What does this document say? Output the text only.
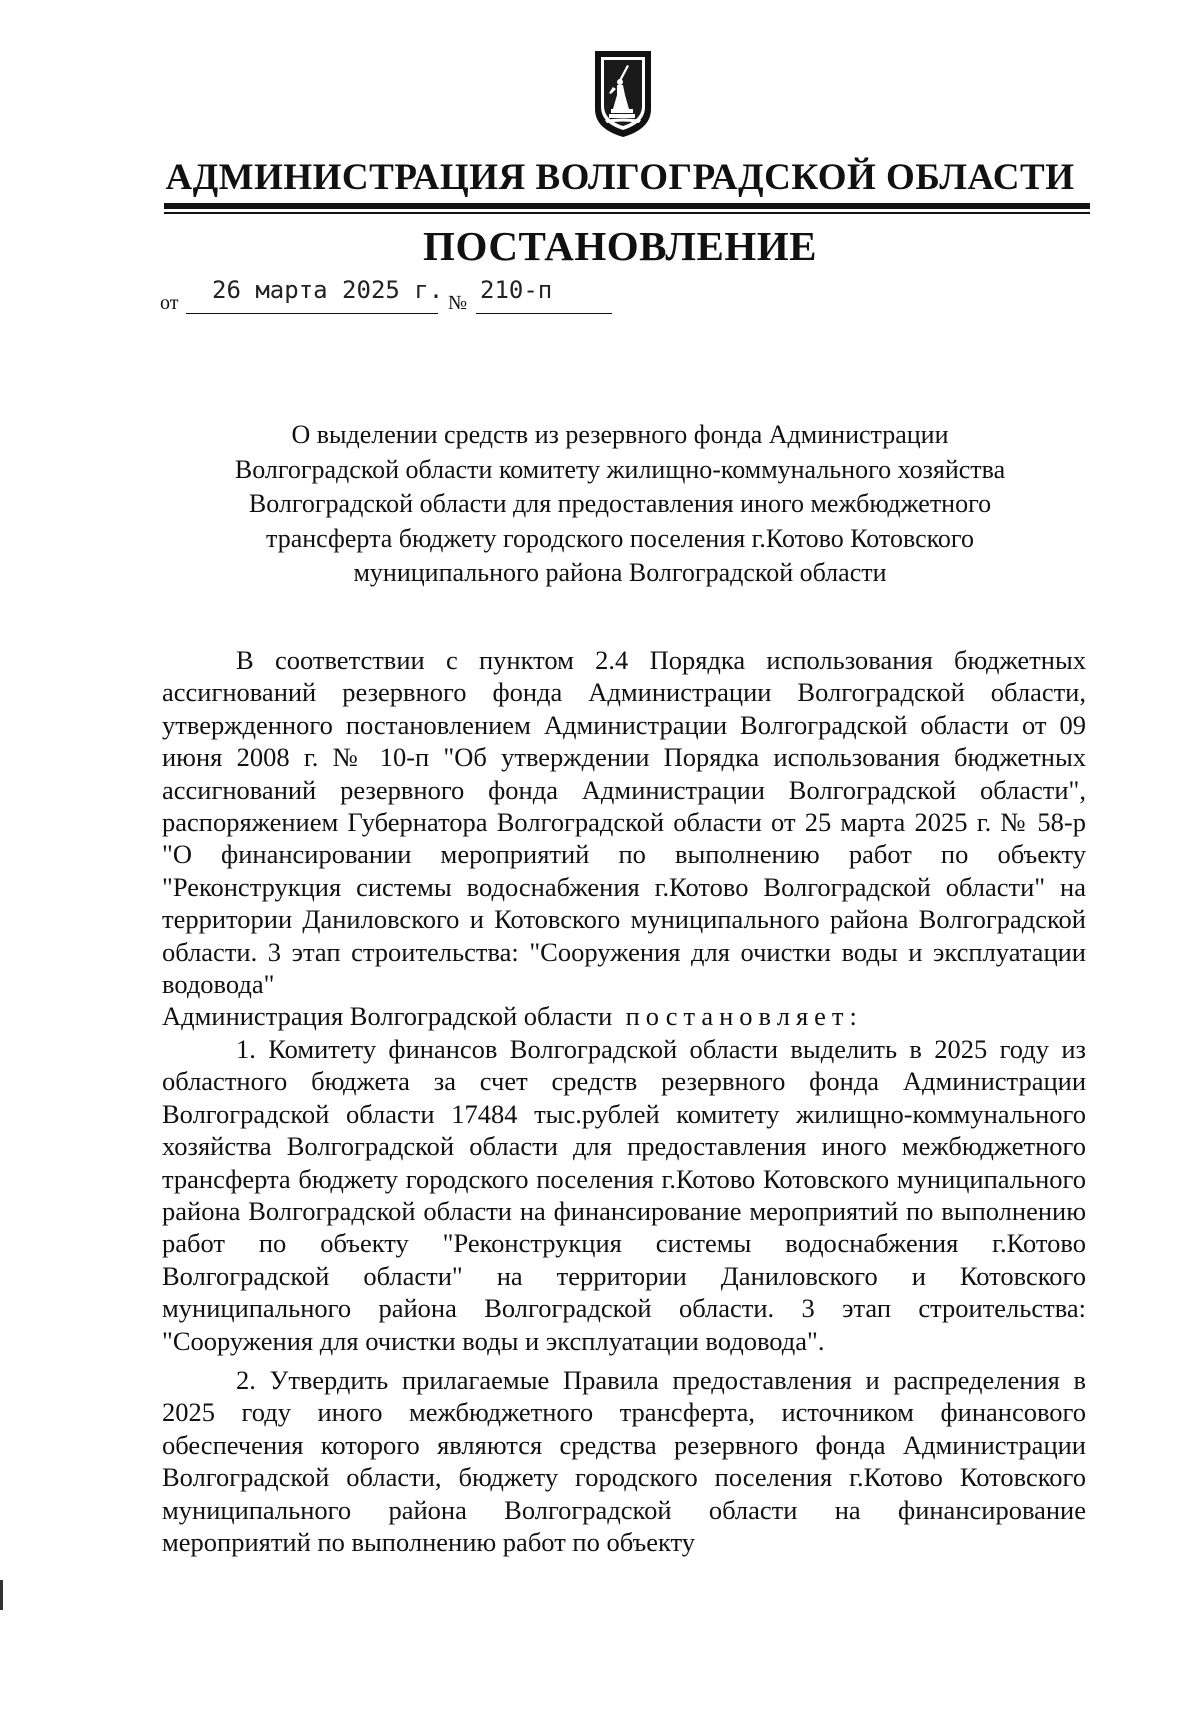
АДМИНИСТРАЦИЯ ВОЛГОГРАДСКОЙ ОБЛАСТИ
ПОСТАНОВЛЕНИЕ
от 26 марта 2025 г. № 210-п
О выделении средств из резервного фонда Администрации
Волгоградской области комитету жилищно-коммунального хозяйства
Волгоградской области для предоставления иного межбюджетного
трансферта бюджету городского поселения г.Котово Котовского
муниципального района Волгоградской области

В соответствии с пунктом 2.4 Порядка использования бюджетных ассигнований резервного фонда Администрации Волгоградской области, утвержденного постановлением Администрации Волгоградской области от 09 июня 2008 г. № 10-п "Об утверждении Порядка использования бюджетных ассигнований резервного фонда Администрации Волгоградской области", распоряжением Губернатора Волгоградской области от 25 марта 2025 г. № 58-р "О финансировании мероприятий по выполнению работ по объекту "Реконструкция системы водоснабжения г.Котово Волгоградской области" на территории Даниловского и Котовского муниципального района Волгоградской области. 3 этап строительства: "Сооружения для очистки воды и эксплуатации водовода"
Администрация Волгоградской области постановляет:

1. Комитету финансов Волгоградской области выделить в 2025 году из областного бюджета за счет средств резервного фонда Администрации Волгоградской области 17484 тыс.рублей комитету жилищно-коммунального хозяйства Волгоградской области для предоставления иного межбюджетного трансферта бюджету городского поселения г.Котово Котовского муниципального района Волгоградской области на финансирование мероприятий по выполнению работ по объекту "Реконструкция системы водоснабжения г.Котово Волгоградской области" на территории Даниловского и Котовского муниципального района Волгоградской области. 3 этап строительства: "Сооружения для очистки воды и эксплуатации водовода".

2. Утвердить прилагаемые Правила предоставления и распределения в 2025 году иного межбюджетного трансферта, источником финансового обеспечения которого являются средства резервного фонда Администрации Волгоградской области, бюджету городского поселения г.Котово Котовского муниципального района Волгоградской области на финансирование мероприятий по выполнению работ по объекту
